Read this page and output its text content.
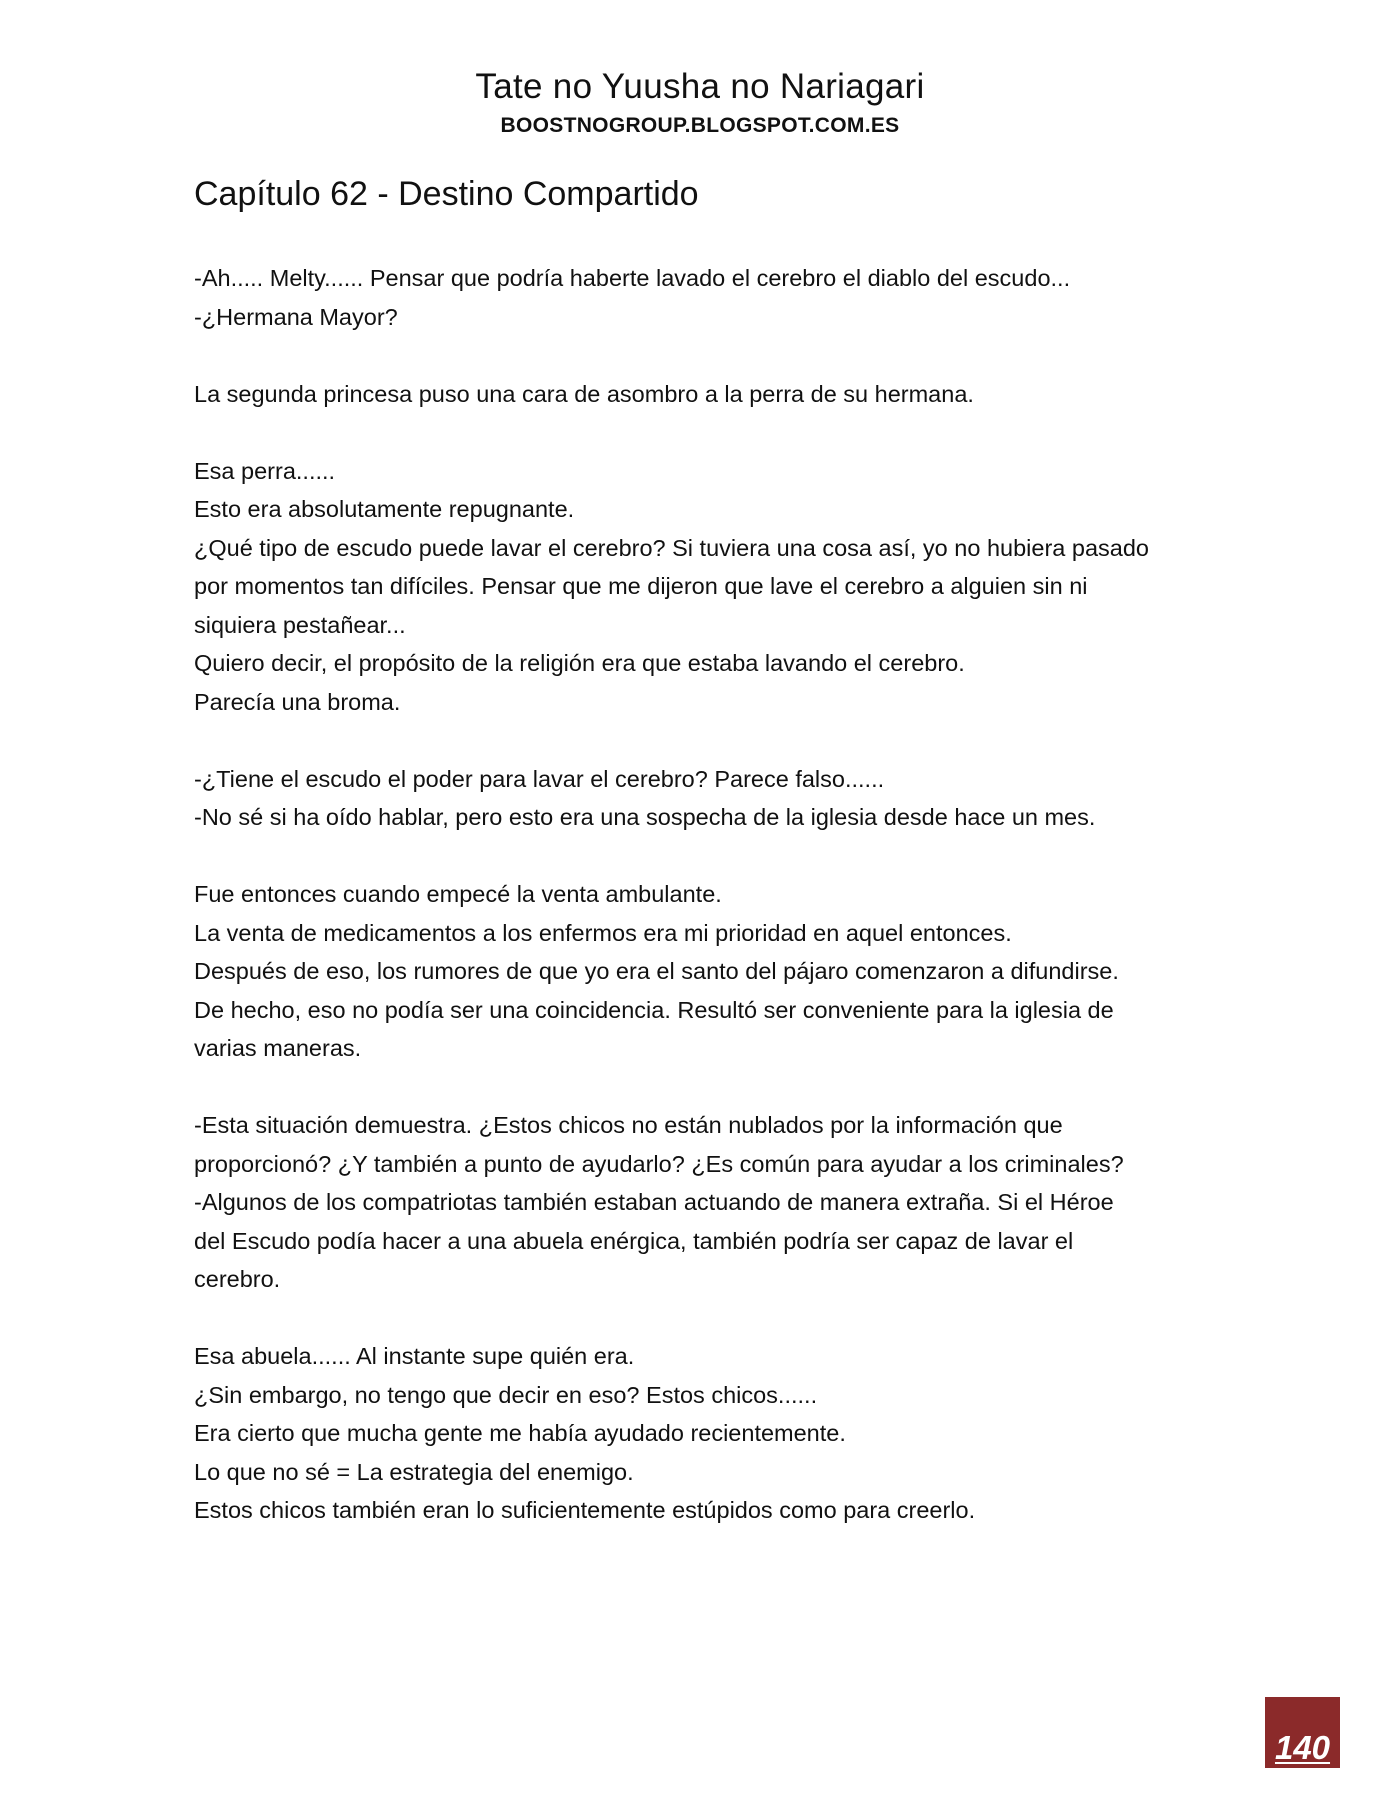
Tate no Yuusha no Nariagari
BOOSTNOGROUP.BLOGSPOT.COM.ES
Capítulo 62 - Destino Compartido
-Ah..... Melty...... Pensar que podría haberte lavado el cerebro el diablo del escudo...
-¿Hermana Mayor?
La segunda princesa puso una cara de asombro a la perra de su hermana.
Esa perra......
Esto era absolutamente repugnante.
¿Qué tipo de escudo puede lavar el cerebro? Si tuviera una cosa así, yo no hubiera pasado
por momentos tan difíciles. Pensar que me dijeron que lave el cerebro a alguien sin ni
siquiera pestañear...
Quiero decir, el propósito de la religión era que estaba lavando el cerebro.
Parecía una broma.
-¿Tiene el escudo el poder para lavar el cerebro? Parece falso......
-No sé si ha oído hablar, pero esto era una sospecha de la iglesia desde hace un mes.
Fue entonces cuando empecé la venta ambulante.
La venta de medicamentos a los enfermos era mi prioridad en aquel entonces.
Después de eso, los rumores de que yo era el santo del pájaro comenzaron a difundirse.
De hecho, eso no podía ser una coincidencia. Resultó ser conveniente para la iglesia de
varias maneras.
-Esta situación demuestra. ¿Estos chicos no están nublados por la información que
proporcionó? ¿Y también a punto de ayudarlo? ¿Es común para ayudar a los criminales?
-Algunos de los compatriotas también estaban actuando de manera extraña. Si el Héroe
del Escudo podía hacer a una abuela enérgica, también podría ser capaz de lavar el
cerebro.
Esa abuela...... Al instante supe quién era.
¿Sin embargo, no tengo que decir en eso? Estos chicos......
Era cierto que mucha gente me había ayudado recientemente.
Lo que no sé = La estrategia del enemigo.
Estos chicos también eran lo suficientemente estúpidos como para creerlo.
140
